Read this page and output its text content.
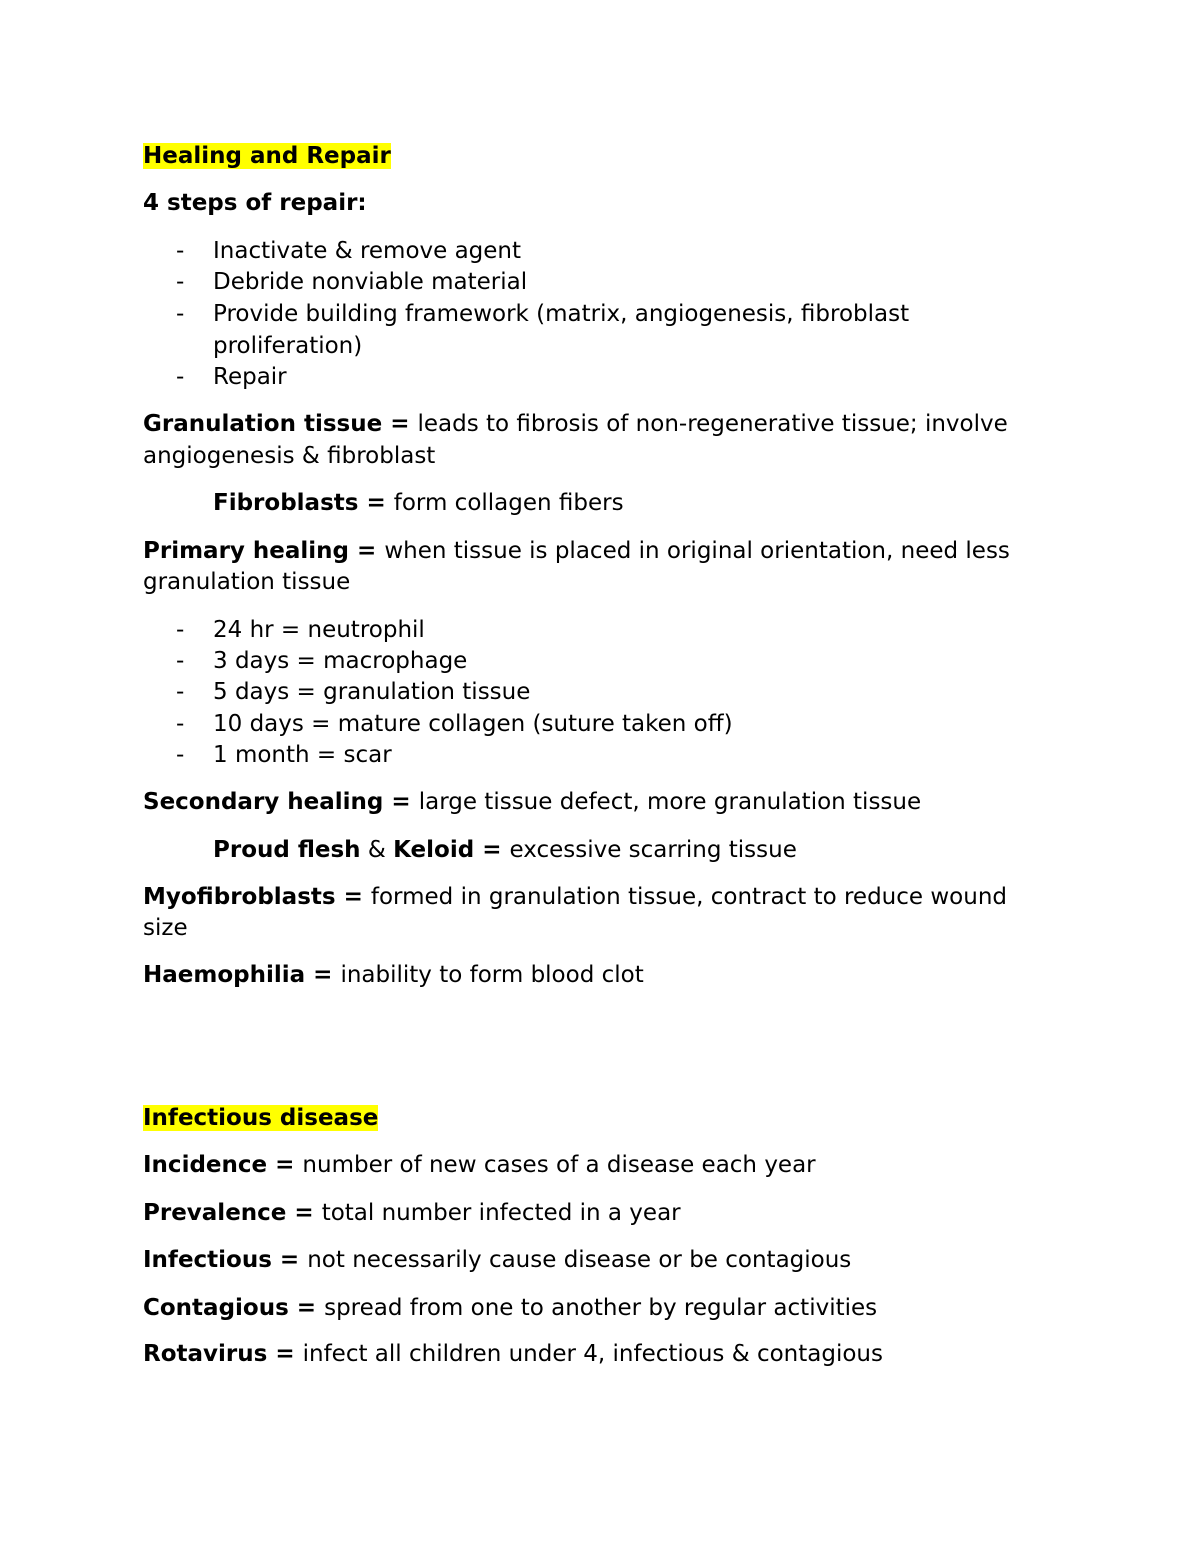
Healing and Repair
4 steps of repair:
-	Inactivate & remove agent
-	Debride nonviable material
-	Provide building framework (matrix, angiogenesis, fibroblast
proliferation)
-	Repair
Granulation tissue = leads to fibrosis of non-regenerative tissue; involve
angiogenesis & fibroblast
Fibroblasts = form collagen fibers
Primary healing = when tissue is placed in original orientation, need less
granulation tissue
-	24 hr = neutrophil
-	3 days = macrophage
-	5 days = granulation tissue
-	10 days = mature collagen (suture taken off)
-	1 month = scar
Secondary healing = large tissue defect, more granulation tissue
Proud flesh & Keloid = excessive scarring tissue
Myofibroblasts = formed in granulation tissue, contract to reduce wound
size
Haemophilia = inability to form blood clot
Infectious disease
Incidence = number of new cases of a disease each year
Prevalence = total number infected in a year
Infectious = not necessarily cause disease or be contagious
Contagious = spread from one to another by regular activities
Rotavirus = infect all children under 4, infectious & contagious
